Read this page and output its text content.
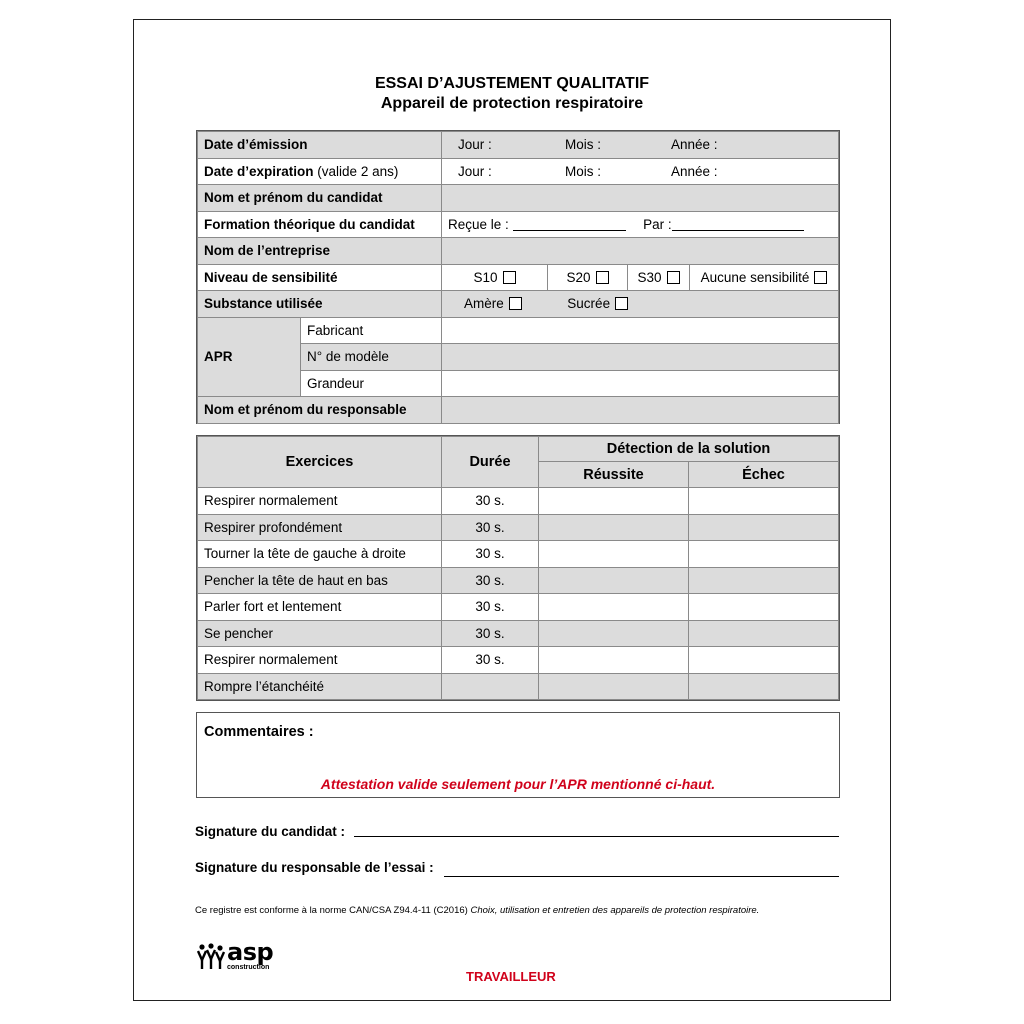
ESSAI D’AJUSTEMENT QUALITATIF
Appareil de protection respiratoire
Date d’émission		Jour : Mois : Année :			
Date d’expiration (valide 2 ans)		Jour : Mois : Année :			
Nom et prénom du candidat					
Formation théorique du candidat		Reçue le : Par :			
Nom de l’entreprise					
Niveau de sensibilité		S10	S20	S30	Aucune sensibilité
Substance utilisée		Amère Sucrée			
APR	Fabricant				
	N° de modèle				
	Grandeur				
Nom et prénom du responsable					
Exercices	Durée	Détection de la solution	
		Réussite	Échec
Respirer normalement	30 s.		
Respirer profondément	30 s.		
Tourner la tête de gauche à droite	30 s.		
Pencher la tête de haut en bas	30 s.		
Parler fort et lentement	30 s.		
Se pencher	30 s.		
Respirer normalement	30 s.		
Rompre l’étanchéité			
Commentaires :
Attestation valide seulement pour l’APR mentionné ci-haut.
Signature du candidat :
Signature du responsable de l’essai :
Ce registre est conforme à la norme CAN/CSA Z94.4-11 (C2016) Choix, utilisation et entretien des appareils de protection respiratoire.
asp
construction
TRAVAILLEUR
